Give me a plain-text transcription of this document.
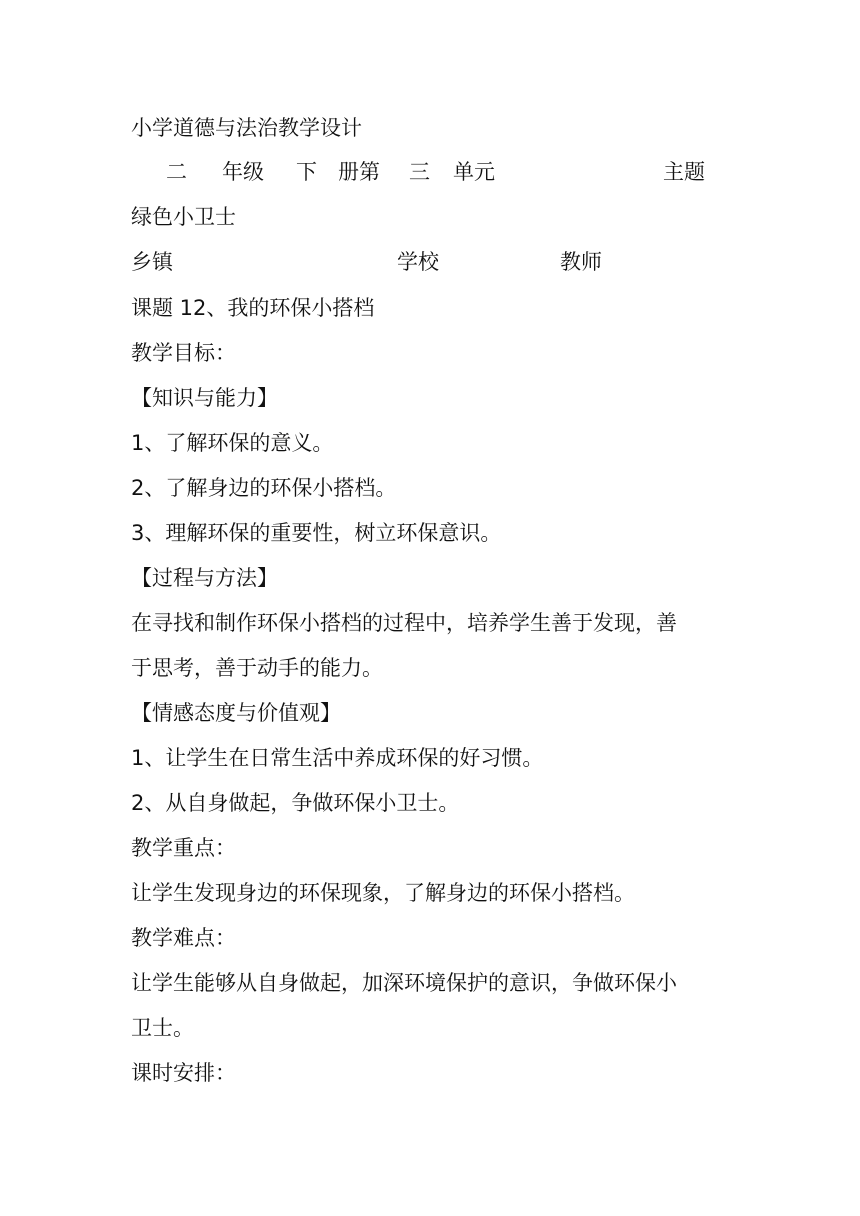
小学道德与法治教学设计
二 年级 下 册第 三 单元	主题
绿色小卫士
乡镇	学校	教师
课题 12、我的环保小搭档
教学目标：
【知识与能力】
1、了解环保的意义。
2、了解身边的环保小搭档。
3、理解环保的重要性，树立环保意识。
【过程与方法】
在寻找和制作环保小搭档的过程中，培养学生善于发现，善
于思考，善于动手的能力。
【情感态度与价值观】
1、让学生在日常生活中养成环保的好习惯。
2、从自身做起，争做环保小卫士。
教学重点：
让学生发现身边的环保现象，了解身边的环保小搭档。
教学难点：
让学生能够从自身做起，加深环境保护的意识，争做环保小
卫士。
课时安排：
